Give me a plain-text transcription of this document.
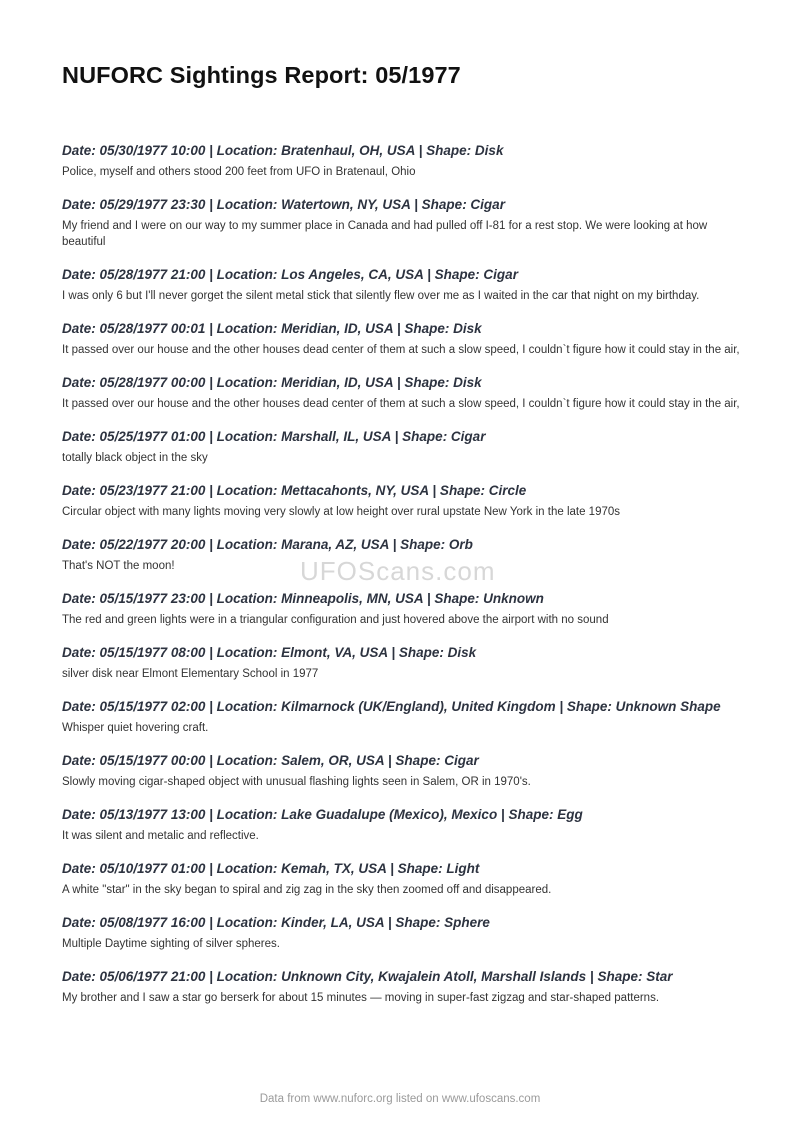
NUFORC Sightings Report: 05/1977
Date: 05/30/1977 10:00 | Location: Bratenhaul, OH, USA | Shape: Disk
Police, myself and others stood 200 feet from UFO in Bratenaul, Ohio
Date: 05/29/1977 23:30 | Location: Watertown, NY, USA | Shape: Cigar
My friend and I were on our way to my summer place in Canada and had pulled off I-81 for a rest stop. We were looking at how beautiful
Date: 05/28/1977 21:00 | Location: Los Angeles, CA, USA | Shape: Cigar
I was only 6 but I'll never gorget the silent metal stick that silently flew over me as I waited in the car that night on my birthday.
Date: 05/28/1977 00:01 | Location: Meridian, ID, USA | Shape: Disk
It passed over our house and the other houses dead center of them at such a slow speed, I couldn`t figure how it could stay in the air,
Date: 05/28/1977 00:00 | Location: Meridian, ID, USA | Shape: Disk
It passed over our house and the other houses dead center of them at such a slow speed, I couldn`t figure how it could stay in the air,
Date: 05/25/1977 01:00 | Location: Marshall, IL, USA | Shape: Cigar
totally black object in the sky
Date: 05/23/1977 21:00 | Location: Mettacahonts, NY, USA | Shape: Circle
Circular object with many lights moving very slowly at low height over rural upstate New York in the late 1970s
Date: 05/22/1977 20:00 | Location: Marana, AZ, USA | Shape: Orb
That's NOT the moon!
Date: 05/15/1977 23:00 | Location: Minneapolis, MN, USA | Shape: Unknown
The red and green lights were in a triangular configuration and just hovered above the airport with no sound
Date: 05/15/1977 08:00 | Location: Elmont, VA, USA | Shape: Disk
silver disk near Elmont Elementary School in 1977
Date: 05/15/1977 02:00 | Location: Kilmarnock (UK/England), United Kingdom | Shape: Unknown Shape
Whisper quiet hovering craft.
Date: 05/15/1977 00:00 | Location: Salem, OR, USA | Shape: Cigar
Slowly moving cigar-shaped object with unusual flashing lights seen in Salem, OR in 1970's.
Date: 05/13/1977 13:00 | Location: Lake Guadalupe (Mexico), Mexico | Shape: Egg
It was silent and metalic and reflective.
Date: 05/10/1977 01:00 | Location: Kemah, TX, USA | Shape: Light
A white "star" in the sky began to spiral and zig zag in the sky then zoomed off and disappeared.
Date: 05/08/1977 16:00 | Location: Kinder, LA, USA | Shape: Sphere
Multiple Daytime sighting of silver spheres.
Date: 05/06/1977 21:00 | Location: Unknown City, Kwajalein Atoll, Marshall Islands | Shape: Star
My brother and I saw a star go berserk for about 15 minutes — moving in super-fast zigzag and star-shaped patterns.
UFOScans.com
Data from www.nuforc.org listed on www.ufoscans.com
